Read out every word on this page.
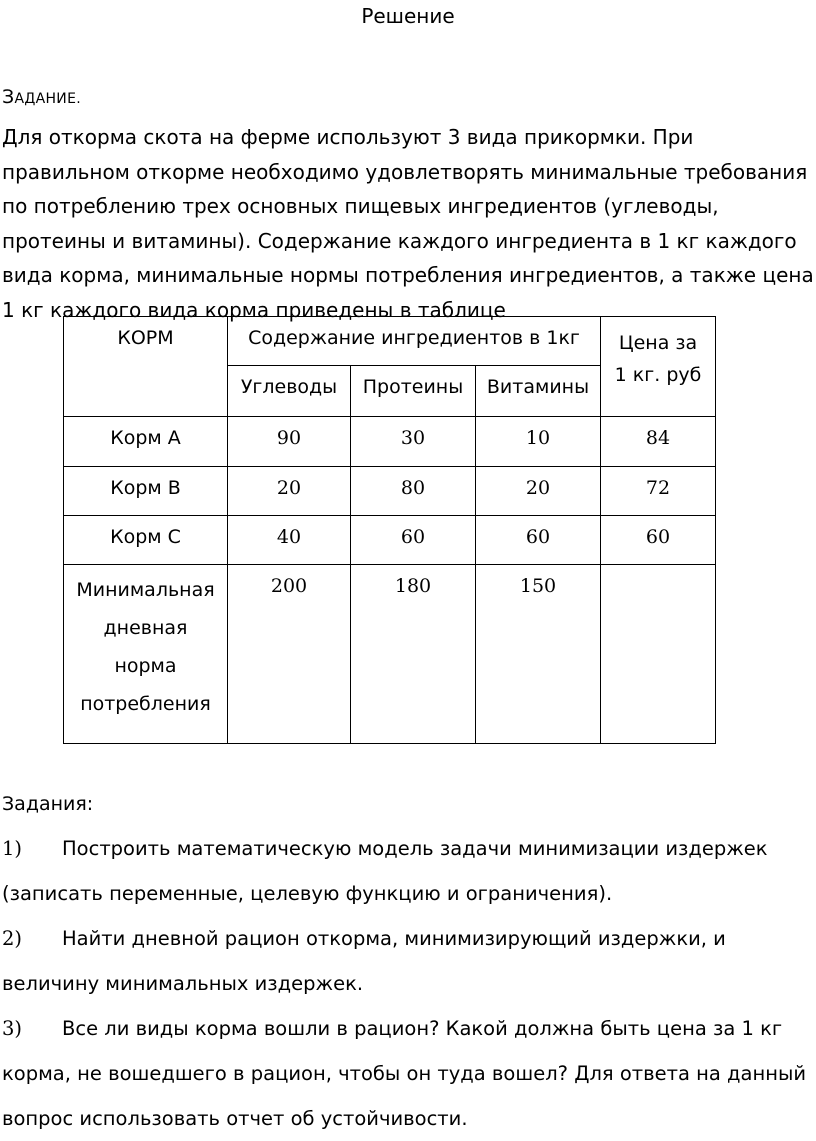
Решение
ЗАДАНИЕ.

Для откорма скота на ферме используют 3 вида прикормки. При

правильном откорме необходимо удовлетворять минимальные требования

по потреблению трех основных пищевых ингредиентов (углеводы,

протеины и витамины). Содержание каждого ингредиента в 1 кг каждого

вида корма, минимальные нормы потребления ингредиентов, а также цена

1 кг каждого вида корма приведены в таблице

КОРМ	Содержание ингредиентов в 1кг			Цена за
1 кг. руб

	Углеводы	Протеины	Витамины	
Корм А	90	30	10	84
Корм В	20	80	20	72
Корм С	40	60	60	60

Минимальная
дневная
норма
потребления	200	180	150	
Задания:

1) Построить математическую модель задачи минимизации издержек

(записать переменные, целевую функцию и ограничения).

2) Найти дневной рацион откорма, минимизирующий издержки, и

величину минимальных издержек.

3) Все ли виды корма вошли в рацион? Какой должна быть цена за 1 кг

корма, не вошедшего в рацион, чтобы он туда вошел? Для ответа на данный

вопрос использовать отчет об устойчивости.
